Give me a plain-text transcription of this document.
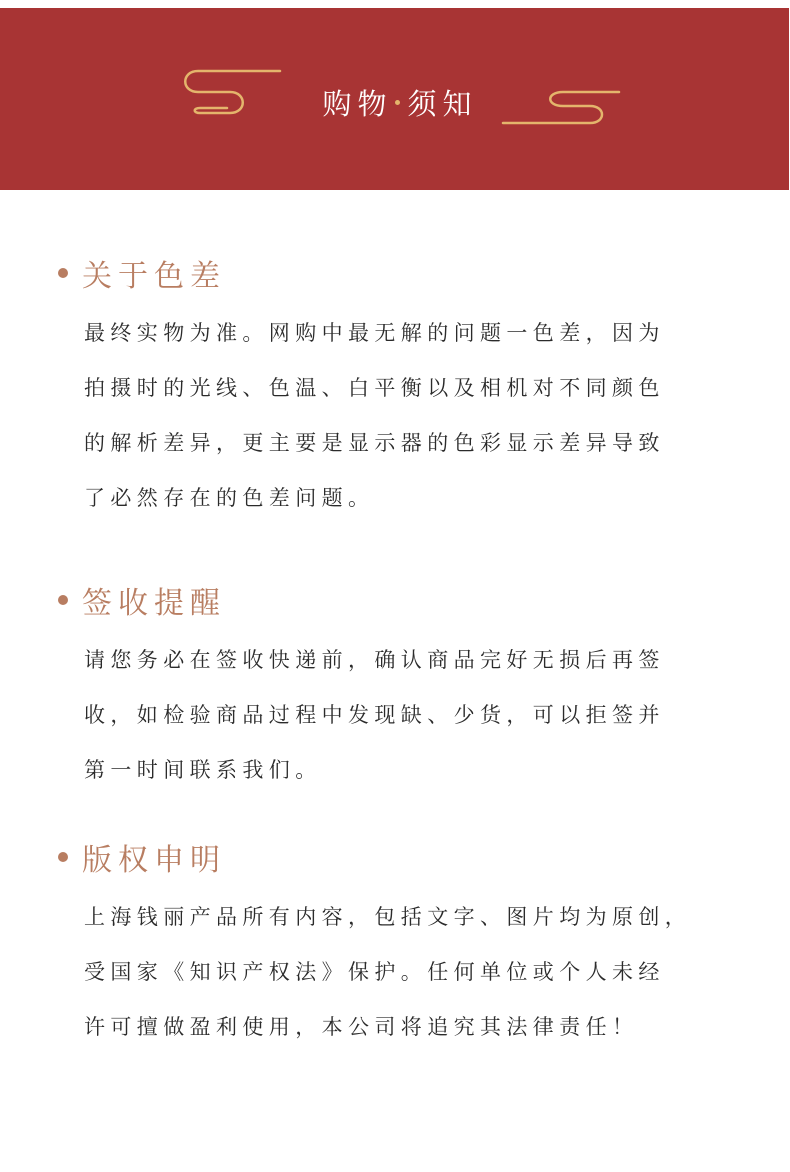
购物 须知
关于色差

最终实物为准。网购中最无解的问题一色差，因为

拍摄时的光线、色温、白平衡以及相机对不同颜色

的解析差异，更主要是显示器的色彩显示差异导致

了必然存在的色差问题。

签收提醒

请您务必在签收快递前，确认商品完好无损后再签

收，如检验商品过程中发现缺、少货，可以拒签并

第一时间联系我们。

版权申明

上海钱丽产品所有内容，包括文字、图片均为原创，

受国家《知识产权法》保护。任何单位或个人未经

许可擅做盈利使用，本公司将追究其法律责任！
